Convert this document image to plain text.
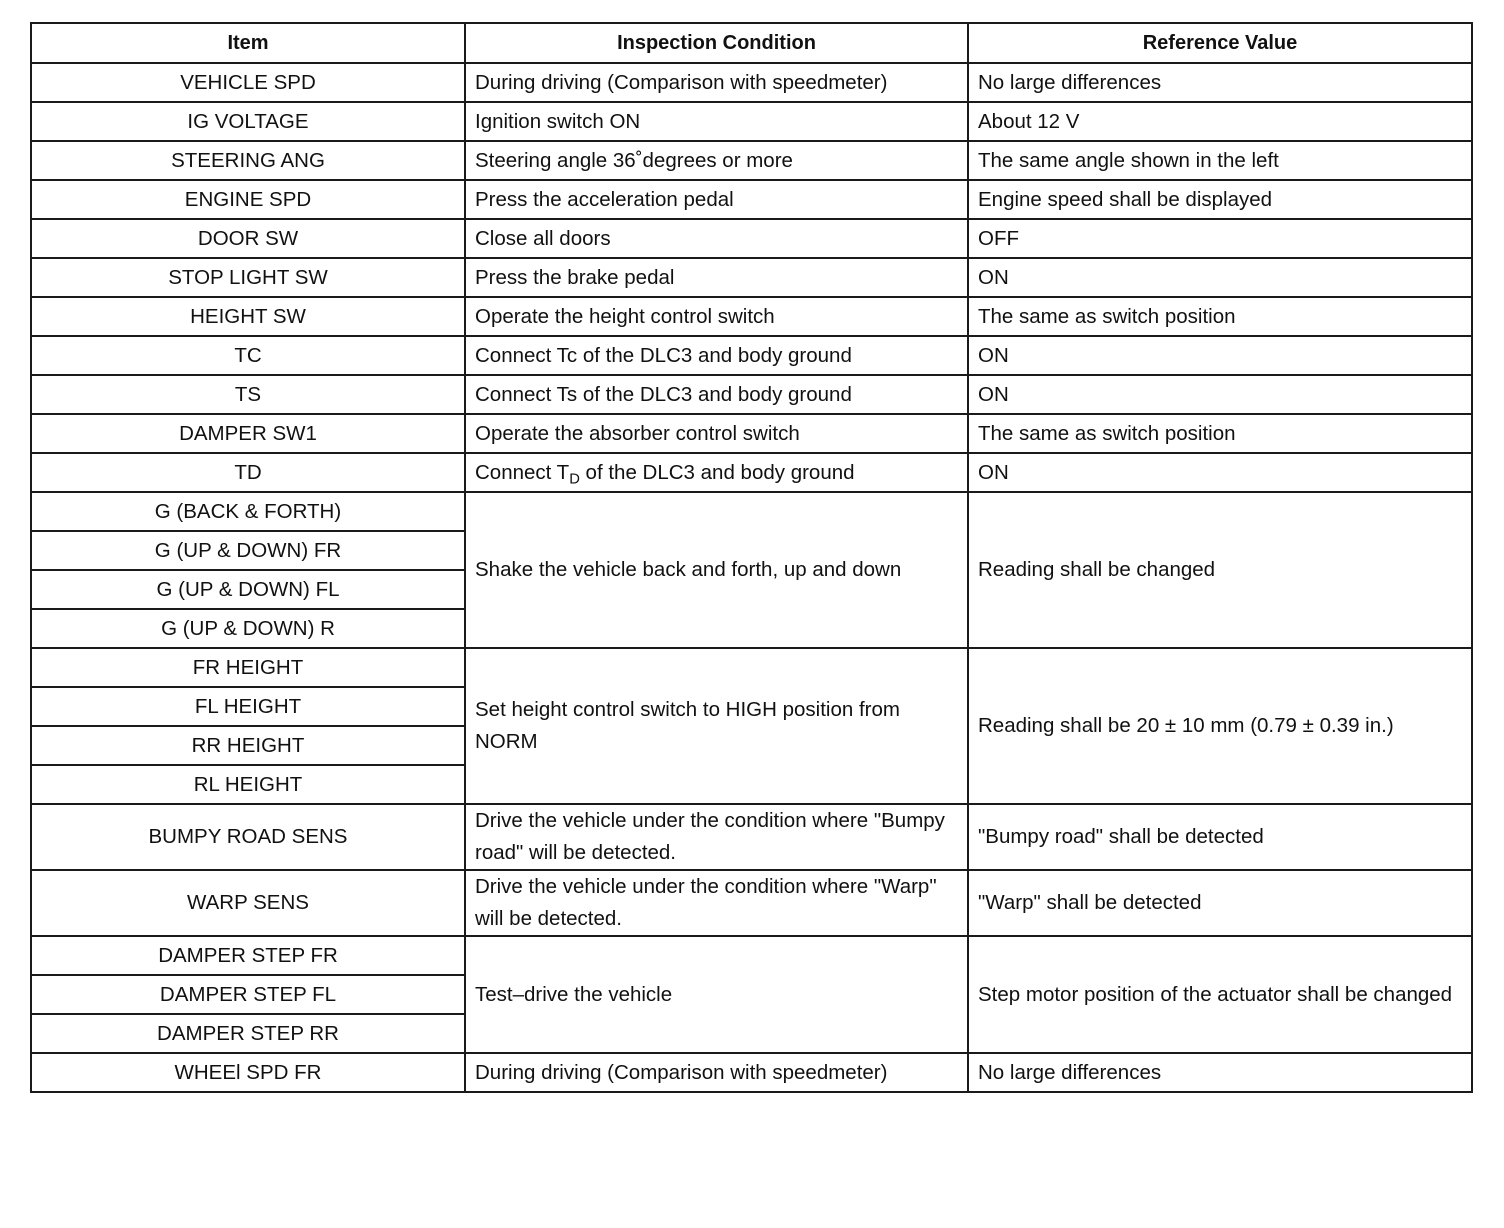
Item	Inspection Condition	Reference Value
VEHICLE SPD	During driving (Comparison with speedmeter)	No large differences
IG VOLTAGE	Ignition switch ON	About 12 V
STEERING ANG	Steering angle 36˚degrees or more	The same angle shown in the left
ENGINE SPD	Press the acceleration pedal	Engine speed shall be displayed
DOOR SW	Close all doors	OFF
STOP LIGHT SW	Press the brake pedal	ON
HEIGHT SW	Operate the height control switch	The same as switch position
TC	Connect Tc of the DLC3 and body ground	ON
TS	Connect Ts of the DLC3 and body ground	ON
DAMPER SW1	Operate the absorber control switch	The same as switch position
TD	Connect $T_D$ of the DLC3 and body ground	ON
G (BACK & FORTH)	Shake the vehicle back and forth, up and down	Reading shall be changed
G (UP & DOWN) FR		
G (UP & DOWN) FL		
G (UP & DOWN) R		
FR HEIGHT	Set height control switch to HIGH position from NORM	Reading shall be 20 ± 10 mm (0.79 ± 0.39 in.)
FL HEIGHT		
RR HEIGHT		
RL HEIGHT		
BUMPY ROAD SENS	Drive the vehicle under the condition where "Bumpy road" will be detected.	"Bumpy road" shall be detected
WARP SENS	Drive the vehicle under the condition where "Warp" will be detected.	"Warp" shall be detected
DAMPER STEP FR	Test–drive the vehicle	Step motor position of the actuator shall be changed
DAMPER STEP FL		
DAMPER STEP RR		
WHEEl SPD FR	During driving (Comparison with speedmeter)	No large differences
